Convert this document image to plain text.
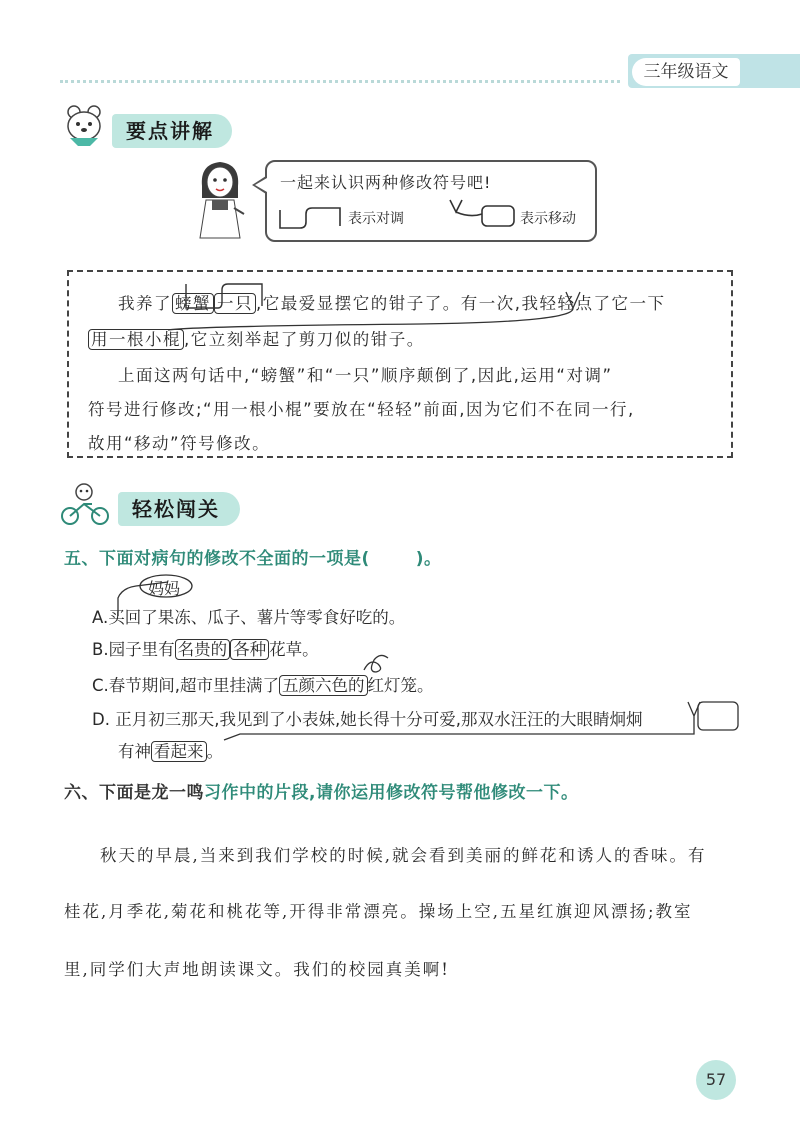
三年级语文
要点讲解
一起来认识两种修改符号吧!
表示对调	表示移动
我养了 螃蟹 一只 ,它最爱显摆它的钳子了。有一次,我轻轻点了它一下
用一根小棍 ,它立刻举起了剪刀似的钳子。
上面这两句话中,“螃蟹”和“一只”顺序颠倒了,因此,运用“对调”
符号进行修改;“用一根小棍”要放在“轻轻”前面,因为它们不在同一行,
故用“移动”符号修改。
轻松闯关
五、下面对病句的修改不全面的一项是(	)。
妈妈
A.买回了果冻、瓜子、薯片等零食好吃的。
B.园子里有 名贵的 各种 花草。
C.春节期间,超市里挂满了 五颜六色的 红灯笼。
D. 正月初三那天,我见到了小表妹,她长得十分可爱,那双水汪汪的大眼睛炯炯
有神 看起来 。
六、下面是龙一鸣习作中的片段,请你运用修改符号帮他修改一下。
秋天的早晨,当来到我们学校的时候,就会看到美丽的鲜花和诱人的香味。有
桂花,月季花,菊花和桃花等,开得非常漂亮。操场上空,五星红旗迎风漂扬;教室
里,同学们大声地朗读课文。我们的校园真美啊!
57
